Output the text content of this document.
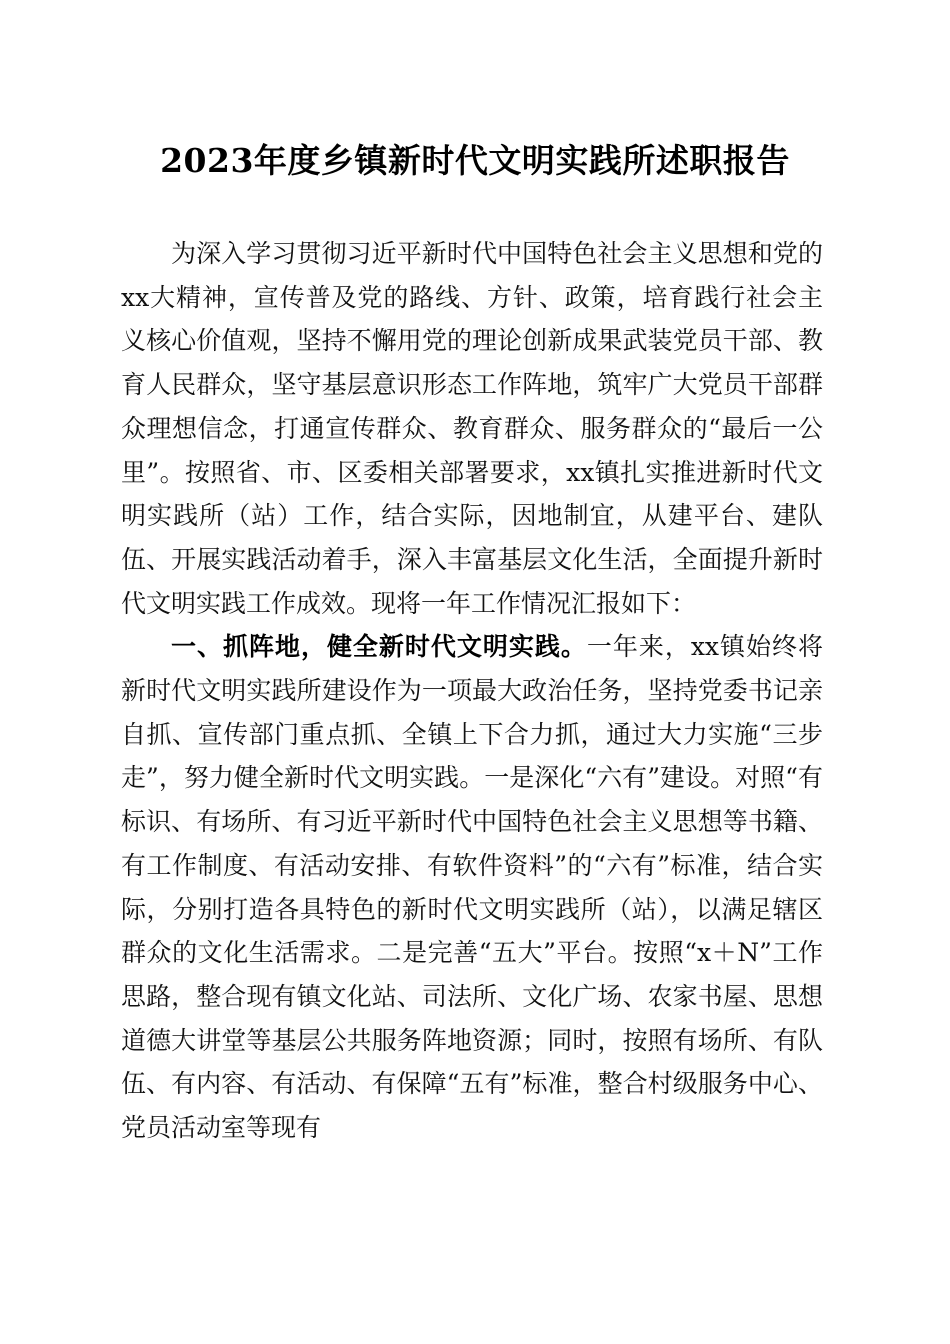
2023年度乡镇新时代文明实践所述职报告

为深入学习贯彻习近平新时代中国特色社会主义思想和党的xx大精神，宣传普及党的路线、方针、政策，培育践行社会主义核心价值观，坚持不懈用党的理论创新成果武装党员干部、教育人民群众，坚守基层意识形态工作阵地，筑牢广大党员干部群众理想信念，打通宣传群众、教育群众、服务群众的“最后一公里”。按照省、市、区委相关部署要求，xx镇扎实推进新时代文明实践所（站）工作，结合实际，因地制宜，从建平台、建队伍、开展实践活动着手，深入丰富基层文化生活，全面提升新时代文明实践工作成效。现将一年工作情况汇报如下：

一、抓阵地，健全新时代文明实践。一年来，xx镇始终将新时代文明实践所建设作为一项最大政治任务，坚持党委书记亲自抓、宣传部门重点抓、全镇上下合力抓，通过大力实施“三步走”，努力健全新时代文明实践。一是深化“六有”建设。对照“有标识、有场所、有习近平新时代中国特色社会主义思想等书籍、有工作制度、有活动安排、有软件资料”的“六有”标准，结合实际，分别打造各具特色的新时代文明实践所（站），以满足辖区群众的文化生活需求。二是完善“五大”平台。按照“x＋N”工作思路，整合现有镇文化站、司法所、文化广场、农家书屋、思想道德大讲堂等基层公共服务阵地资源；同时，按照有场所、有队伍、有内容、有活动、有保障“五有”标准，整合村级服务中心、党员活动室等现有
